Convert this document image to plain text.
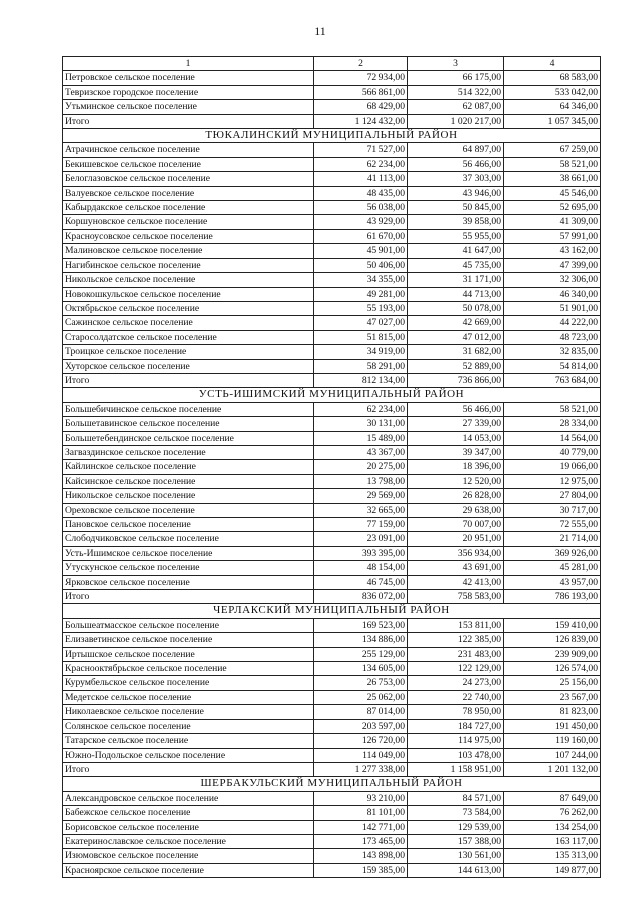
11
1	2	3	4
Петровское сельское поселение	72 934,00	66 175,00	68 583,00
Тевризское городское поселение	566 861,00	514 322,00	533 042,00
Утьминское сельское поселение	68 429,00	62 087,00	64 346,00
Итого	1 124 432,00	1 020 217,00	1 057 345,00
ТЮКАЛИНСКИЙ МУНИЦИПАЛЬНЫЙ РАЙОН			
Атрачинское сельское поселение	71 527,00	64 897,00	67 259,00
Бекишевское сельское поселение	62 234,00	56 466,00	58 521,00
Белоглазовское сельское поселение	41 113,00	37 303,00	38 661,00
Валуевское сельское поселение	48 435,00	43 946,00	45 546,00
Кабырдакское сельское поселение	56 038,00	50 845,00	52 695,00
Коршуновское сельское поселение	43 929,00	39 858,00	41 309,00
Красноусовское сельское поселение	61 670,00	55 955,00	57 991,00
Малиновское сельское поселение	45 901,00	41 647,00	43 162,00
Нагибинское сельское поселение	50 406,00	45 735,00	47 399,00
Никольское сельское поселение	34 355,00	31 171,00	32 306,00
Новокошкульское сельское поселение	49 281,00	44 713,00	46 340,00
Октябрьское сельское поселение	55 193,00	50 078,00	51 901,00
Сажинское сельское поселение	47 027,00	42 669,00	44 222,00
Старосолдатское сельское поселение	51 815,00	47 012,00	48 723,00
Троицкое сельское поселение	34 919,00	31 682,00	32 835,00
Хуторское сельское поселение	58 291,00	52 889,00	54 814,00
Итого	812 134,00	736 866,00	763 684,00
УСТЬ-ИШИМСКИЙ МУНИЦИПАЛЬНЫЙ РАЙОН			
Большебичинское сельское поселение	62 234,00	56 466,00	58 521,00
Большетавинское сельское поселение	30 131,00	27 339,00	28 334,00
Большетебендинское сельское поселение	15 489,00	14 053,00	14 564,00
Загваздинское сельское поселение	43 367,00	39 347,00	40 779,00
Кайлинское сельское поселение	20 275,00	18 396,00	19 066,00
Кайсинское сельское поселение	13 798,00	12 520,00	12 975,00
Никольское сельское поселение	29 569,00	26 828,00	27 804,00
Ореховское сельское поселение	32 665,00	29 638,00	30 717,00
Пановское сельское поселение	77 159,00	70 007,00	72 555,00
Слободчиковское сельское поселение	23 091,00	20 951,00	21 714,00
Усть-Ишимское сельское поселение	393 395,00	356 934,00	369 926,00
Утускунское сельское поселение	48 154,00	43 691,00	45 281,00
Ярковское сельское поселение	46 745,00	42 413,00	43 957,00
Итого	836 072,00	758 583,00	786 193,00
ЧЕРЛАКСКИЙ МУНИЦИПАЛЬНЫЙ РАЙОН			
Большеатмасское сельское поселение	169 523,00	153 811,00	159 410,00
Елизаветинское сельское поселение	134 886,00	122 385,00	126 839,00
Иртышское сельское поселение	255 129,00	231 483,00	239 909,00
Краснооктябрьское сельское поселение	134 605,00	122 129,00	126 574,00
Курумбельское сельское поселение	26 753,00	24 273,00	25 156,00
Медетское сельское поселение	25 062,00	22 740,00	23 567,00
Николаевское сельское поселение	87 014,00	78 950,00	81 823,00
Солянское сельское поселение	203 597,00	184 727,00	191 450,00
Татарское сельское поселение	126 720,00	114 975,00	119 160,00
Южно-Подольское сельское поселение	114 049,00	103 478,00	107 244,00
Итого	1 277 338,00	1 158 951,00	1 201 132,00
ШЕРБАКУЛЬСКИЙ МУНИЦИПАЛЬНЫЙ РАЙОН			
Александровское сельское поселение	93 210,00	84 571,00	87 649,00
Бабежское сельское поселение	81 101,00	73 584,00	76 262,00
Борисовское сельское поселение	142 771,00	129 539,00	134 254,00
Екатеринославское сельское поселение	173 465,00	157 388,00	163 117,00
Изюмовское сельское поселение	143 898,00	130 561,00	135 313,00
Красноярское сельское поселение	159 385,00	144 613,00	149 877,00
